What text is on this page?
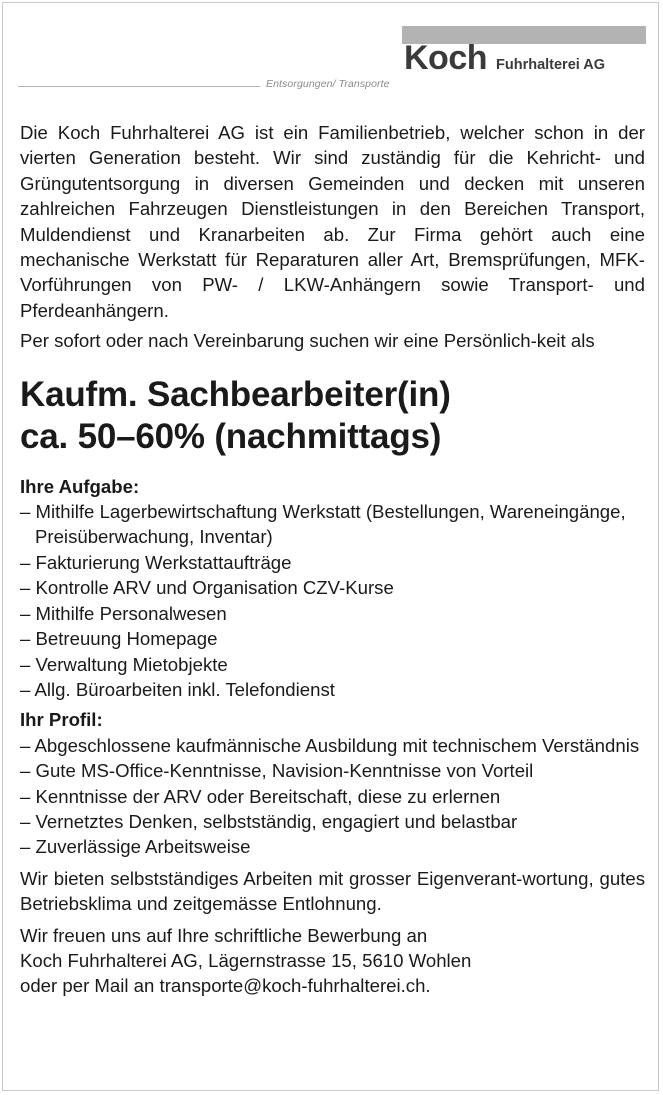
Entsorgungen/ Transporte
Koch Fuhrhalterei AG

Die Koch Fuhrhalterei AG ist ein Familienbetrieb, welcher schon in der vierten Generation besteht. Wir sind zuständig für die Kehricht- und Grüngutentsorgung in diversen Gemeinden und decken mit unseren zahlreichen Fahrzeugen Dienstleistungen in den Bereichen Transport, Muldendienst und Kranarbeiten ab. Zur Firma gehört auch eine mechanische Werkstatt für Reparaturen aller Art, Bremsprüfungen, MFK-Vorführungen von PW- / LKW-Anhängern sowie Transport- und Pferdeanhängern.

Per sofort oder nach Vereinbarung suchen wir eine Persönlich-keit als

Kaufm. Sachbearbeiter(in)
ca. 50–60% (nachmittags)

Ihre Aufgabe:

– Mithilfe Lagerbewirtschaftung Werkstatt (Bestellungen, Wareneingänge, Preisüberwachung, Inventar)
– Fakturierung Werkstattaufträge
– Kontrolle ARV und Organisation CZV-Kurse
– Mithilfe Personalwesen
– Betreuung Homepage
– Verwaltung Mietobjekte
– Allg. Büroarbeiten inkl. Telefondienst

Ihr Profil:

– Abgeschlossene kaufmännische Ausbildung mit technischem Verständnis
– Gute MS-Office-Kenntnisse, Navision-Kenntnisse von Vorteil
– Kenntnisse der ARV oder Bereitschaft, diese zu erlernen
– Vernetztes Denken, selbstständig, engagiert und belastbar
– Zuverlässige Arbeitsweise

Wir bieten selbstständiges Arbeiten mit grosser Eigenverant-wortung, gutes Betriebsklima und zeitgemässe Entlohnung.

Wir freuen uns auf Ihre schriftliche Bewerbung an
Koch Fuhrhalterei AG, Lägernstrasse 15, 5610 Wohlen
oder per Mail an transporte@koch-fuhrhalterei.ch.
